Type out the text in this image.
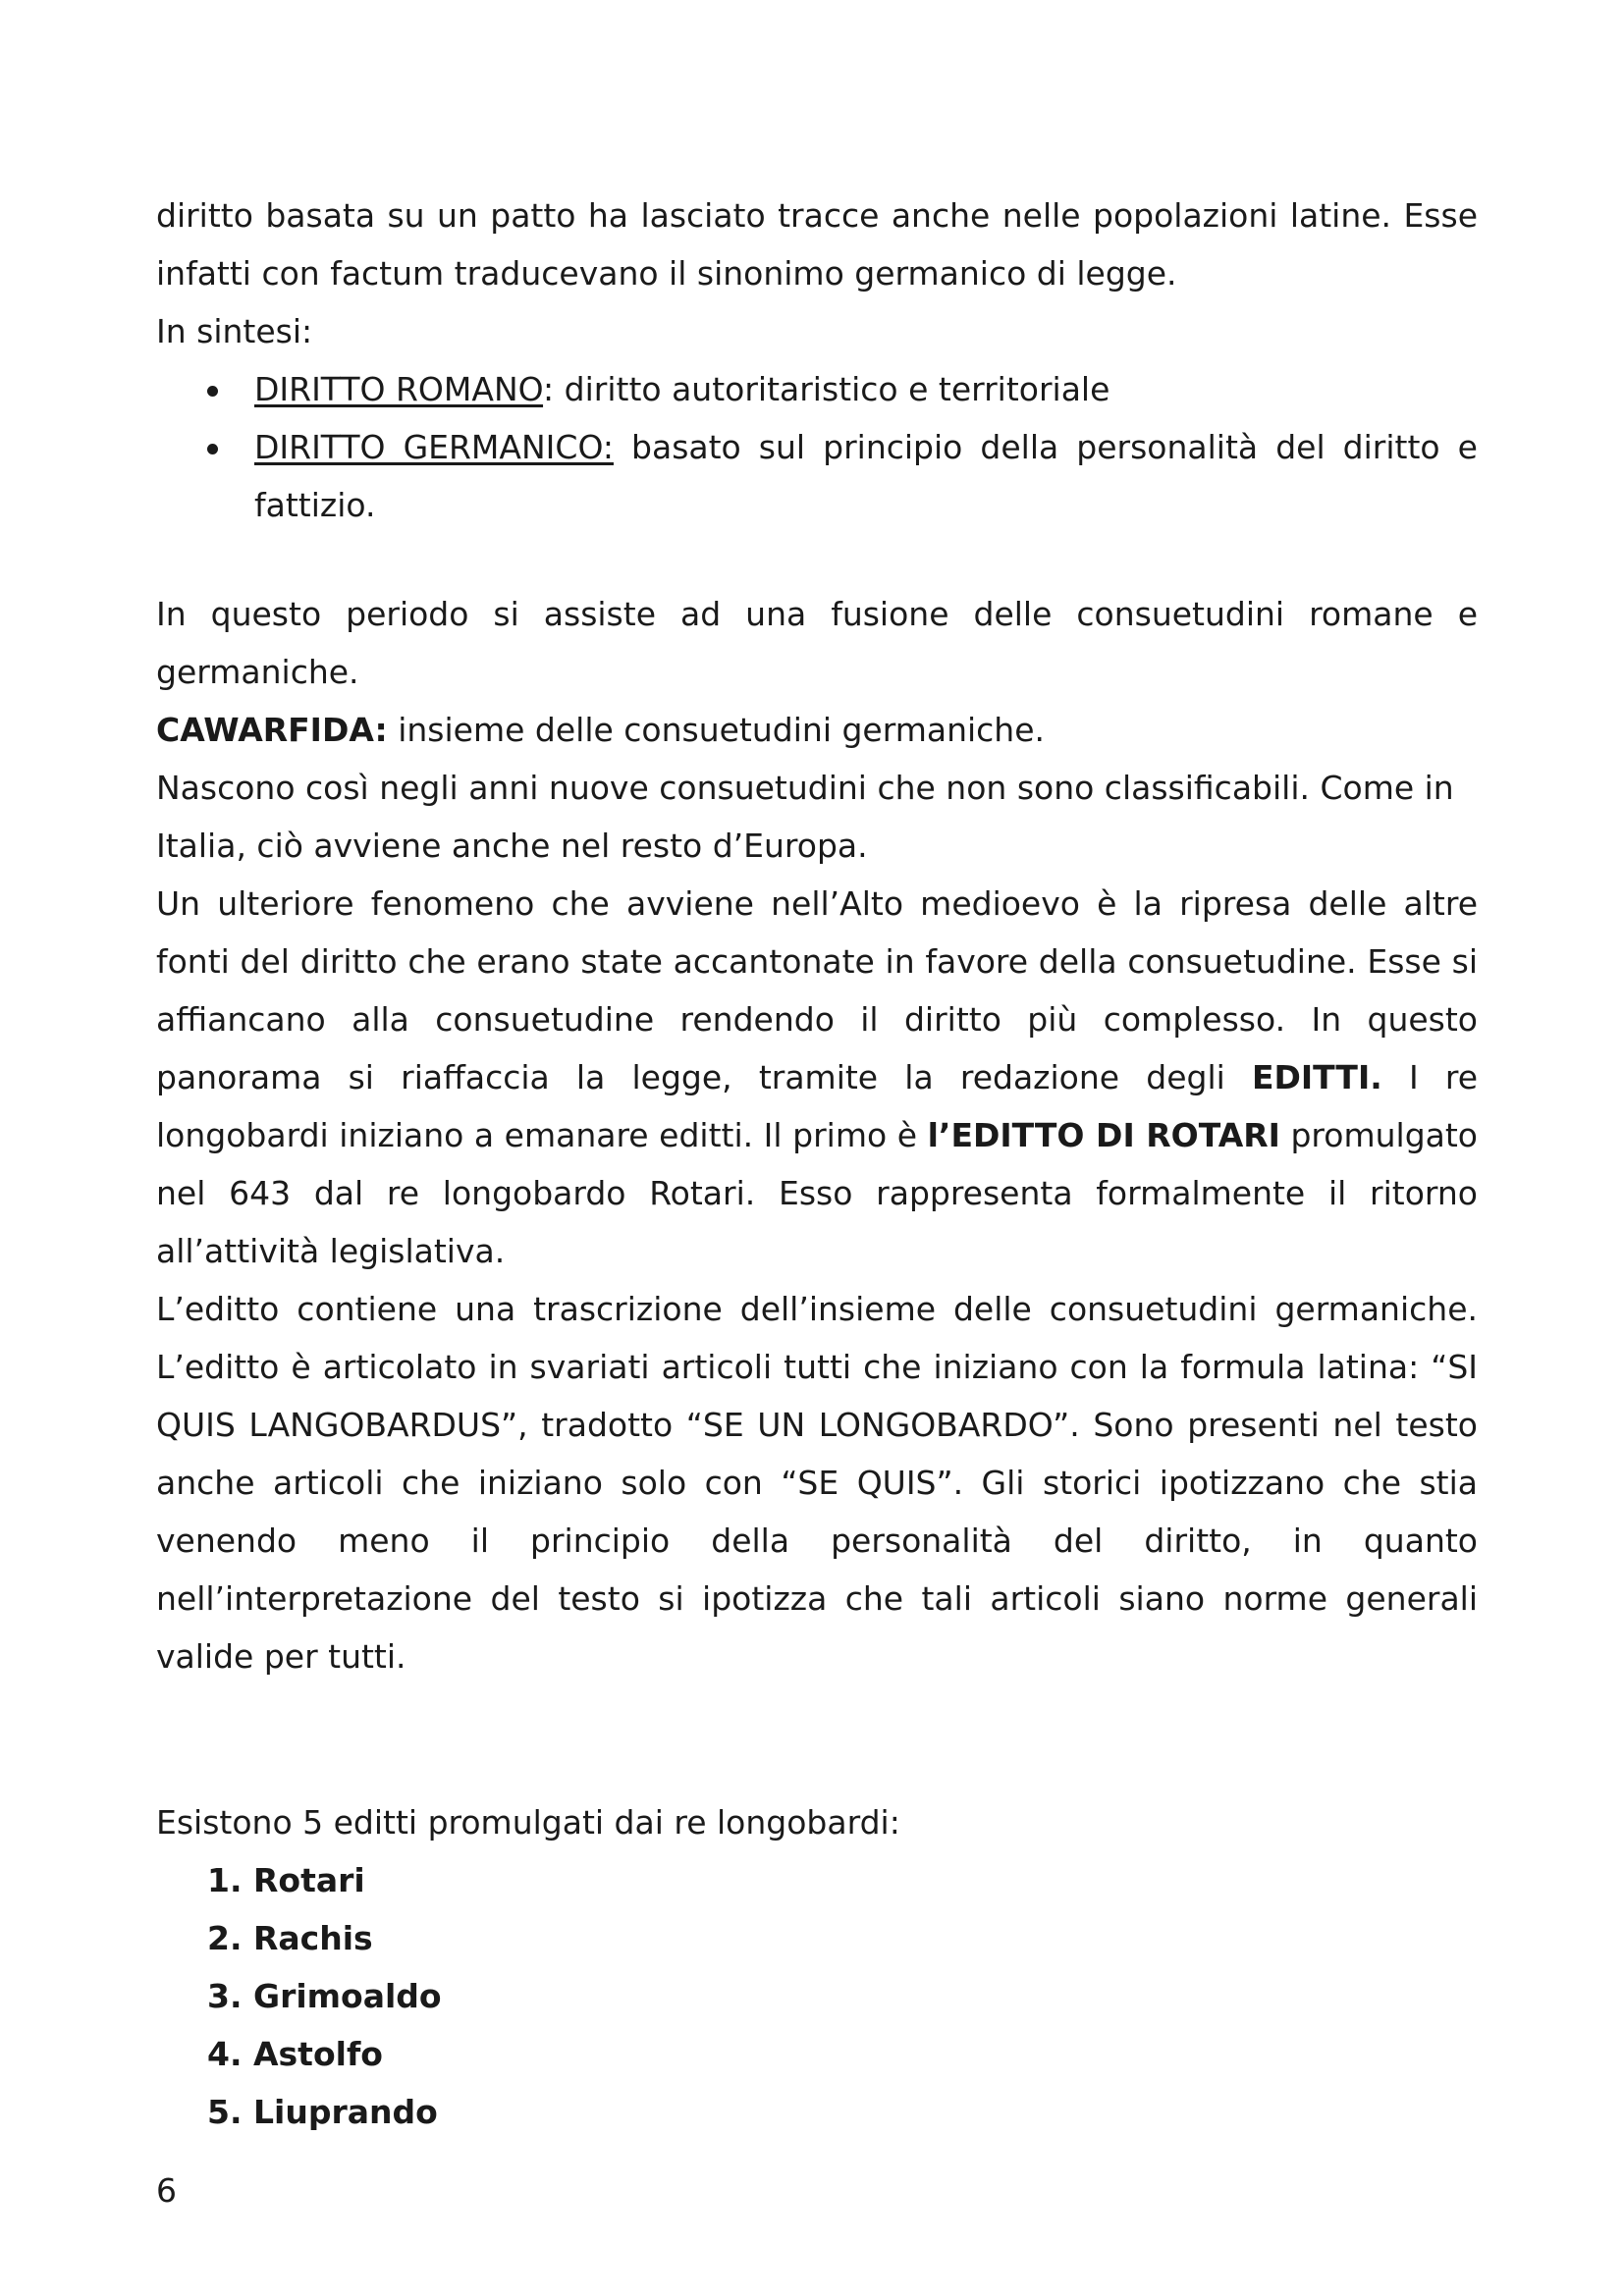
diritto basata su un patto ha lasciato tracce anche nelle popolazioni latine. Esse infatti con factum traducevano il sinonimo germanico di legge.

In sintesi:

DIRITTO ROMANO: diritto autoritaristico e territoriale
DIRITTO GERMANICO: basato sul principio della personalità del diritto e fattizio.

In questo periodo si assiste ad una fusione delle consuetudini romane e germaniche.

CAWARFIDA: insieme delle consuetudini germaniche.

Nascono così negli anni nuove consuetudini che non sono classificabili. Come in Italia, ciò avviene anche nel resto d’Europa.

Un ulteriore fenomeno che avviene nell’Alto medioevo è la ripresa delle altre fonti del diritto che erano state accantonate in favore della consuetudine. Esse si affiancano alla consuetudine rendendo il diritto più complesso. In questo panorama si riaffaccia la legge, tramite la redazione degli EDITTI. I re longobardi iniziano a emanare editti. Il primo è l’EDITTO DI ROTARI promulgato nel 643 dal re longobardo Rotari. Esso rappresenta formalmente il ritorno all’attività legislativa.

L’editto contiene una trascrizione dell’insieme delle consuetudini germaniche. L’editto è articolato in svariati articoli tutti che iniziano con la formula latina: “SI QUIS LANGOBARDUS”, tradotto “SE UN LONGOBARDO”. Sono presenti nel testo anche articoli che iniziano solo con “SE QUIS”. Gli storici ipotizzano che stia venendo meno il principio della personalità del diritto, in quanto nell’interpretazione del testo si ipotizza che tali articoli siano norme generali valide per tutti.

Esistono 5 editti promulgati dai re longobardi:

1. Rotari
2. Rachis
3. Grimoaldo
4. Astolfo
5. Liuprando
6
